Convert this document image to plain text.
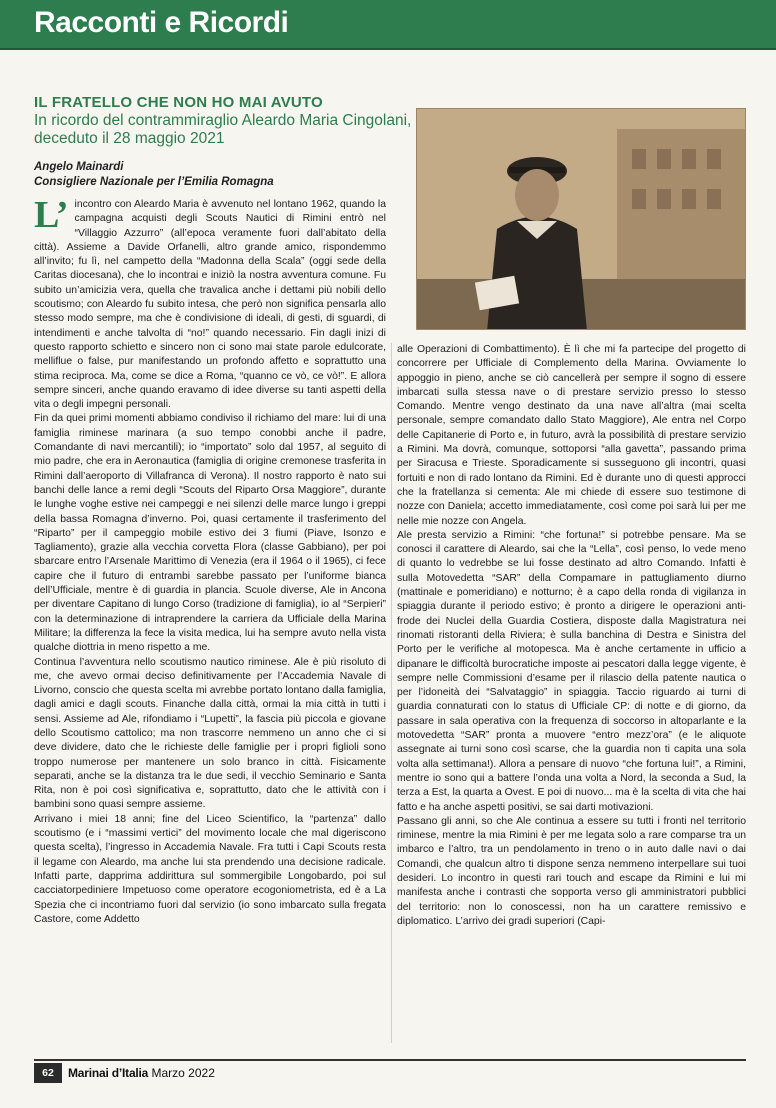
Racconti e Ricordi
IL FRATELLO CHE NON HO MAI AVUTO
In ricordo del contrammiraglio Aleardo Maria Cingolani, deceduto il 28 maggio 2021
Angelo Mainardi
Consigliere Nazionale per l’Emilia Romagna
L’ incontro con Aleardo Maria è avvenuto nel lontano 1962, quando la campagna acquisti degli Scouts Nautici di Rimini entrò nel “Villaggio Azzurro” (all’epoca veramente fuori dall’abitato della città). Assieme a Davide Orfanelli, altro grande amico, rispondemmo all’invito; fu lì, nel campetto della “Madonna della Scala” (oggi sede della Caritas diocesana), che lo incontrai e iniziò la nostra avventura comune. Fu subito un’amicizia vera, quella che travalica anche i dettami più nobili dello scoutismo; con Aleardo fu subito intesa, che però non significa pensarla allo stesso modo sempre, ma che è condivisione di ideali, di gesti, di sguardi, di intendimenti e anche talvolta di “no!” quando necessario. Fin dagli inizi di questo rapporto schietto e sincero non ci sono mai state parole edulcorate, mellifluе o false, pur manifestando un profondo affetto e soprattutto una stima reciproca. Ma, come se dice a Roma, “quanno ce vò, ce vò!”. E allora sempre sinceri, anche quando eravamo di idee diverse su tanti aspetti della vita o degli impegni personali.

Fin da quei primi momenti abbiamo condiviso il richiamo del mare: lui di una famiglia riminese marinara (a suo tempo conobbi anche il padre, Comandante di navi mercantili); io “importato” solo dal 1957, al seguito di mio padre, che era in Aeronautica (famiglia di origine cremonese trasferita in Rimini dall’aeroporto di Villafranca di Verona). Il nostro rapporto è nato sui banchi delle lance a remi degli “Scouts del Riparto Orsa Maggiore”, durante le lunghe voghe estive nei campeggi e nei silenzi delle marce lungo i greppi della bassa Romagna d’inverno. Poi, quasi certamente il trasferimento del “Riparto” per il campeggio mobile estivo dei 3 fiumi (Piave, Isonzo e Tagliamento), grazie alla vecchia corvetta Flora (classe Gabbiano), per poi sbarcare entro l’Arsenale Marittimo di Venezia (era il 1964 o il 1965), ci fece capire che il futuro di entrambi sarebbe passato per l’uniforme bianca dell’Ufficiale, mentre è di guardia in plancia. Scuole diverse, Ale in Ancona per diventare Capitano di lungo Corso (tradizione di famiglia), io al “Serpieri” con la determinazione di intraprendere la carriera da Ufficiale della Marina Militare; la differenza la fece la visita medica, lui ha sempre avuto nella vista qualche diottria in meno rispetto a me.

Continua l’avventura nello scoutismo nautico riminese. Ale è più risoluto di me, che avevo ormai deciso definitivamente per l’Accademia Navale di Livorno, conscio che questa scelta mi avrebbe portato lontano dalla famiglia, dagli amici e dagli scouts. Finanche dalla città, ormai la mia città in tutti i sensi. Assieme ad Ale, rifondiamo i “Lupetti”, la fascia più piccola e giovane dello Scoutismo cattolico; ma non trascorre nemmeno un anno che ci si deve dividere, dato che le richieste delle famiglie per i propri figlioli sono troppo numerose per mantenere un solo branco in città. Fisicamente separati, anche se la distanza tra le due sedi, il vecchio Seminario e Santa Rita, non è poi così significativa e, soprattutto, dato che le attività con i bambini sono quasi sempre assieme.

Arrivano i miei 18 anni; fine del Liceo Scientifico, la “partenza” dallo scoutismo (e i “massimi vertici” del movimento locale che mal digeriscono questa scelta), l’ingresso in Accademia Navale. Fra tutti i Capi Scouts resta il legame con Aleardo, ma anche lui sta prendendo una decisione radicale. Infatti parte, dapprima addirittura sul sommergibile Longobardo, poi sul cacciatorpediniere Impetuoso come operatore ecogoniometrista, ed è a La Spezia che ci incontriamo fuori dal servizio (io sono imbarcato sulla fregata Castore, come Addetto

alle Operazioni di Combattimento). È lì che mi fa partecipe del progetto di concorrere per Ufficiale di Complemento della Marina. Ovviamente lo appoggio in pieno, anche se ciò cancellerà per sempre il sogno di essere imbarcati sulla stessa nave o di prestare servizio presso lo stesso Comando. Mentre vengo destinato da una nave all’altra (mai scelta personale, sempre comandato dallo Stato Maggiore), Ale entra nel Corpo delle Capitanerie di Porto e, in futuro, avrà la possibilità di prestare servizio a Rimini. Ma dovrà, comunque, sottoporsi “alla gavetta”, passando prima per Siracusa e Trieste. Sporadicamente si susseguono gli incontri, quasi fortuiti e non di rado lontano da Rimini. Ed è durante uno di questi approcci che la fratellanza si cementa: Ale mi chiede di essere suo testimone di nozze con Daniela; accetto immediatamente, così come poi sarà lui per me nelle mie nozze con Angela.

Ale presta servizio a Rimini: “che fortuna!” si potrebbe pensare. Ma se conosci il carattere di Aleardo, sai che la “Lella”, così penso, lo vede meno di quanto lo vedrebbe se lui fosse destinato ad altro Comando. Infatti è sulla Motovedetta “SAR” della Compamare in pattugliamento diurno (mattinale e pomeridiano) e notturno; è a capo della ronda di vigilanza in spiaggia durante il periodo estivo; è pronto a dirigere le operazioni anti-frode dei Nuclei della Guardia Costiera, disposte dalla Magistratura nei rinomati ristoranti della Riviera; è sulla banchina di Destra e Sinistra del Porto per le verifiche al motopesca. Ma è anche certamente in ufficio a dipanare le difficoltà burocratiche imposte ai pescatori dalla legge vigente, è sempre nelle Commissioni d’esame per il rilascio della patente nautica o per l’idoneità dei “Salvataggio” in spiaggia. Taccio riguardo ai turni di guardia connaturati con lo status di Ufficiale CP: di notte e di giorno, da passare in sala operativa con la frequenza di soccorso in altoparlante e la motovedetta “SAR” pronta a muovere “entro mezz’ora” (e le aliquote assegnate ai turni sono così scarse, che la guardia non ti capita una sola volta alla settimana!). Allora a pensare di nuovo “che fortuna lui!”, a Rimini, mentre io sono qui a battere l’onda una volta a Nord, la seconda a Sud, la terza a Est, la quarta a Ovest. E poi di nuovo... ma è la scelta di vita che hai fatto e ha anche aspetti positivi, se sai darti motivazioni.

Passano gli anni, so che Ale continua a essere su tutti i fronti nel territorio riminese, mentre la mia Rimini è per me legata solo a rare comparse tra un imbarco e l’altro, tra un pendolamento in treno o in auto dalle navi o dai Comandi, che qualcun altro ti dispone senza nemmeno interpellare sui tuoi desideri. Lo incontro in questi rari touch and escape da Rimini e lui mi manifesta anche i contrasti che sopporta verso gli amministratori pubblici del territorio: non lo conoscessi, non ha un carattere remissivo e diplomatico. L’arrivo dei gradi superiori (Capi-

62	Marinai d’Italia Marzo 2022
